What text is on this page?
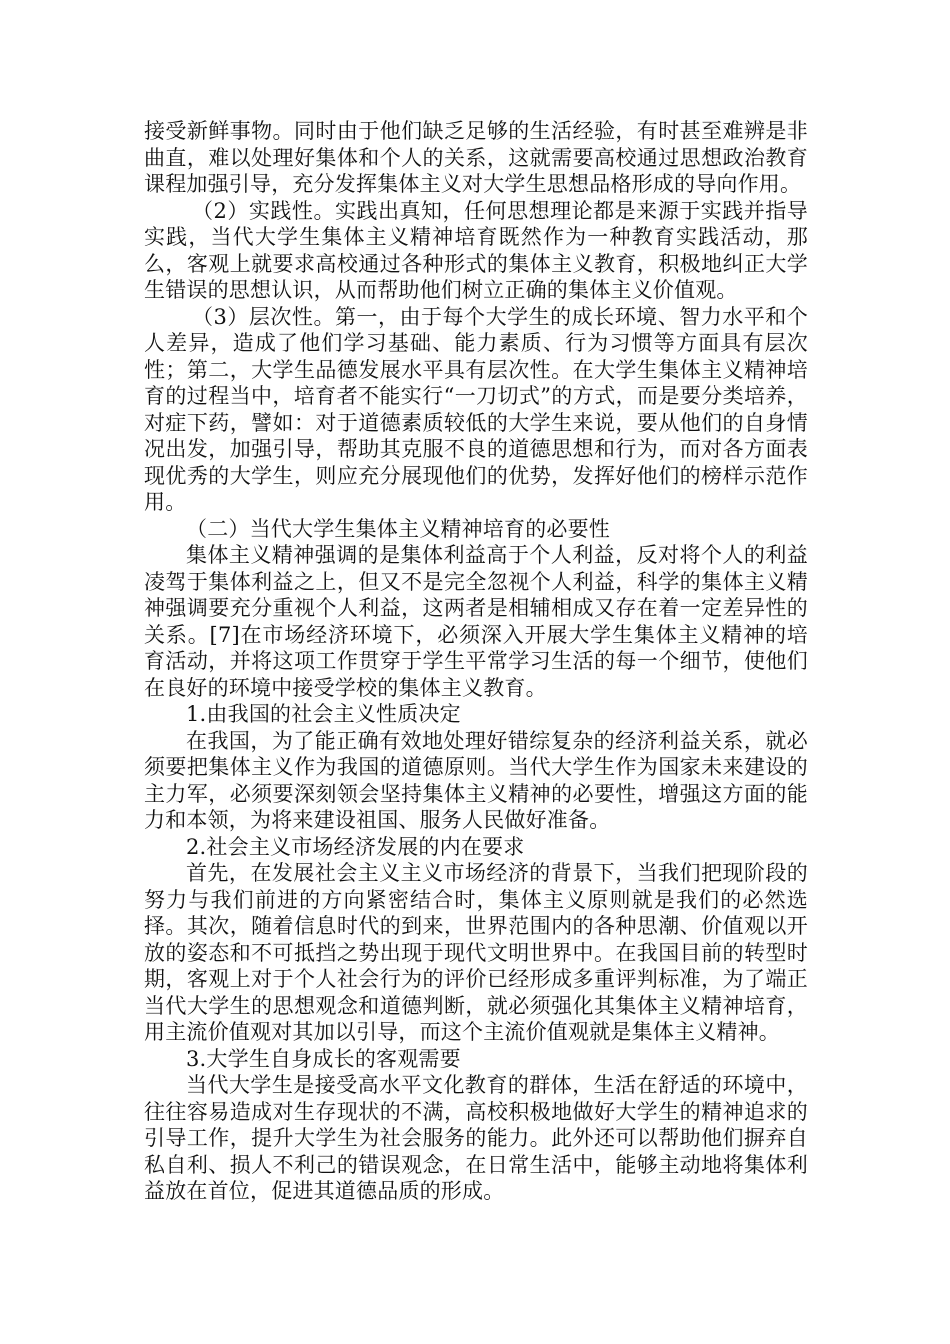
接受新鲜事物。同时由于他们缺乏足够的生活经验，有时甚至难辨是非曲直，难以处理好集体和个人的关系，这就需要高校通过思想政治教育课程加强引导，充分发挥集体主义对大学生思想品格形成的导向作用。

（2）实践性。实践出真知，任何思想理论都是来源于实践并指导实践，当代大学生集体主义精神培育既然作为一种教育实践活动，那么，客观上就要求高校通过各种形式的集体主义教育，积极地纠正大学生错误的思想认识，从而帮助他们树立正确的集体主义价值观。

（3）层次性。第一，由于每个大学生的成长环境、智力水平和个人差异，造成了他们学习基础、能力素质、行为习惯等方面具有层次性；第二，大学生品德发展水平具有层次性。在大学生集体主义精神培育的过程当中，培育者不能实行“一刀切式”的方式，而是要分类培养，对症下药，譬如：对于道德素质较低的大学生来说，要从他们的自身情况出发，加强引导，帮助其克服不良的道德思想和行为，而对各方面表现优秀的大学生，则应充分展现他们的优势，发挥好他们的榜样示范作用。

（二）当代大学生集体主义精神培育的必要性

集体主义精神强调的是集体利益高于个人利益，反对将个人的利益凌驾于集体利益之上，但又不是完全忽视个人利益，科学的集体主义精神强调要充分重视个人利益，这两者是相辅相成又存在着一定差异性的关系。[7]在市场经济环境下，必须深入开展大学生集体主义精神的培育活动，并将这项工作贯穿于学生平常学习生活的每一个细节，使他们在良好的环境中接受学校的集体主义教育。

1.由我国的社会主义性质决定

在我国，为了能正确有效地处理好错综复杂的经济利益关系，就必须要把集体主义作为我国的道德原则。当代大学生作为国家未来建设的主力军，必须要深刻领会坚持集体主义精神的必要性，增强这方面的能力和本领，为将来建设祖国、服务人民做好准备。

2.社会主义市场经济发展的内在要求

首先，在发展社会主义主义市场经济的背景下，当我们把现阶段的努力与我们前进的方向紧密结合时，集体主义原则就是我们的必然选择。其次，随着信息时代的到来，世界范围内的各种思潮、价值观以开放的姿态和不可抵挡之势出现于现代文明世界中。在我国目前的转型时期，客观上对于个人社会行为的评价已经形成多重评判标准，为了端正当代大学生的思想观念和道德判断，就必须强化其集体主义精神培育，用主流价值观对其加以引导，而这个主流价值观就是集体主义精神。

3.大学生自身成长的客观需要

当代大学生是接受高水平文化教育的群体，生活在舒适的环境中，往往容易造成对生存现状的不满，高校积极地做好大学生的精神追求的引导工作，提升大学生为社会服务的能力。此外还可以帮助他们摒弃自私自利、损人不利己的错误观念，在日常生活中，能够主动地将集体利益放在首位，促进其道德品质的形成。
